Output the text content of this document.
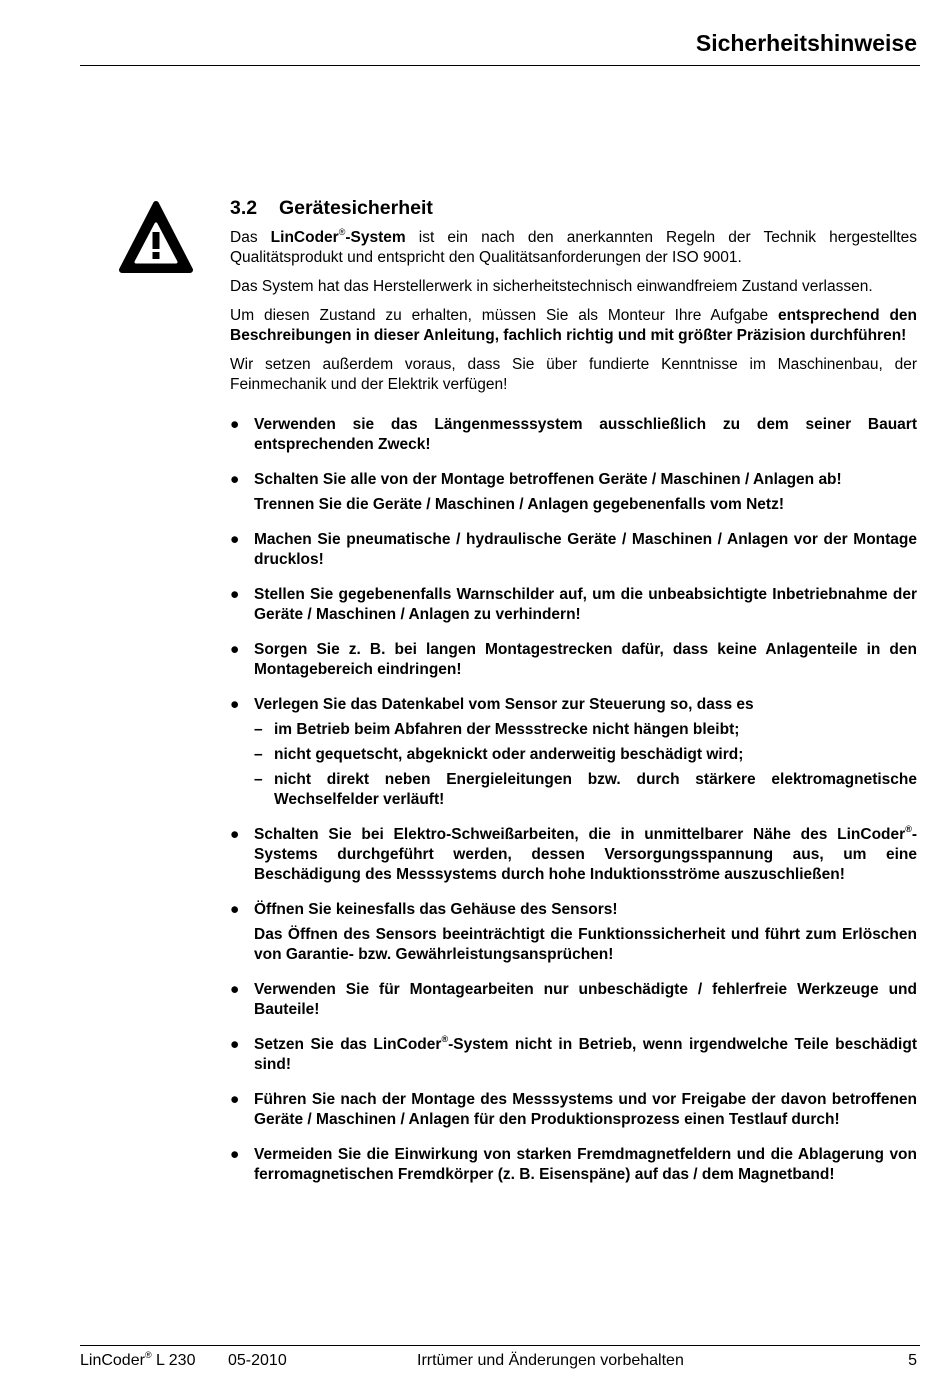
Sicherheitshinweise
3.2 Gerätesicherheit

Das LinCoder®-System ist ein nach den anerkannten Regeln der Technik hergestelltes Qualitätsprodukt und entspricht den Qualitätsanforderungen der ISO 9001.

Das System hat das Herstellerwerk in sicherheitstechnisch einwandfreiem Zustand verlassen.

Um diesen Zustand zu erhalten, müssen Sie als Monteur Ihre Aufgabe entsprechend den Beschreibungen in dieser Anleitung, fachlich richtig und mit größter Präzision durchführen!

Wir setzen außerdem voraus, dass Sie über fundierte Kenntnisse im Maschinenbau, der Feinmechanik und der Elektrik verfügen!

● Verwenden sie das Längenmesssystem ausschließlich zu dem seiner Bauart entsprechenden Zweck!
● Schalten Sie alle von der Montage betroffenen Geräte / Maschinen / Anlagen ab!
Trennen Sie die Geräte / Maschinen / Anlagen gegebenenfalls vom Netz!
● Machen Sie pneumatische / hydraulische Geräte / Maschinen / Anlagen vor der Montage drucklos!
● Stellen Sie gegebenenfalls Warnschilder auf, um die unbeabsichtigte Inbetriebnahme der Geräte / Maschinen / Anlagen zu verhindern!
● Sorgen Sie z. B. bei langen Montagestrecken dafür, dass keine Anlagenteile in den Montagebereich eindringen!
● Verlegen Sie das Datenkabel vom Sensor zur Steuerung so, dass es
– im Betrieb beim Abfahren der Messstrecke nicht hängen bleibt;
– nicht gequetscht, abgeknickt oder anderweitig beschädigt wird;
– nicht direkt neben Energieleitungen bzw. durch stärkere elektromagnetische Wechselfelder verläuft!
● Schalten Sie bei Elektro-Schweißarbeiten, die in unmittelbarer Nähe des LinCoder®-Systems durchgeführt werden, dessen Versorgungsspannung aus, um eine Beschädigung des Messsystems durch hohe Induktionsströme auszuschließen!
● Öffnen Sie keinesfalls das Gehäuse des Sensors!
Das Öffnen des Sensors beeinträchtigt die Funktionssicherheit und führt zum Erlöschen von Garantie- bzw. Gewährleistungsansprüchen!
● Verwenden Sie für Montagearbeiten nur unbeschädigte / fehlerfreie Werkzeuge und Bauteile!
● Setzen Sie das LinCoder®-System nicht in Betrieb, wenn irgendwelche Teile beschädigt sind!
● Führen Sie nach der Montage des Messsystems und vor Freigabe der davon betroffenen Geräte / Maschinen / Anlagen für den Produktionsprozess einen Testlauf durch!
● Vermeiden Sie die Einwirkung von starken Fremdmagnetfeldern und die Ablagerung von ferromagnetischen Fremdkörper (z. B. Eisenspäne) auf das / dem Magnetband!
LinCoder® L 230 05-2010	Irrtümer und Änderungen vorbehalten	5
